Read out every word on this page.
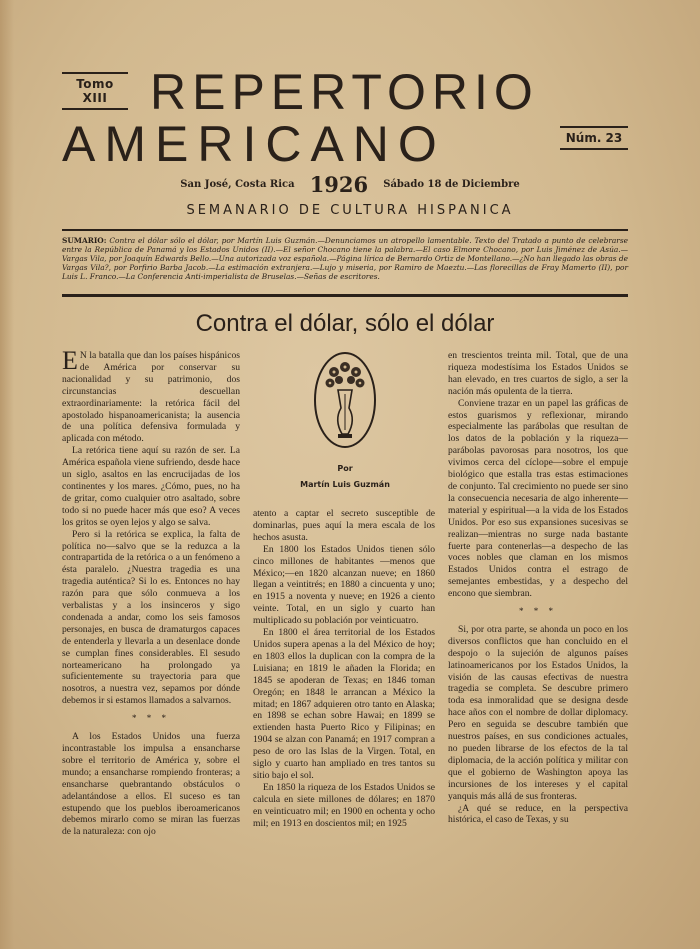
Tomo XIII REPERTORIO
AMERICANO	Núm. 23
San José, Costa Rica 1926 Sábado 18 de Diciembre
SEMANARIO DE CULTURA HISPANICA
SUMARIO: Contra el dólar sólo el dólar, por Martín Luis Guzmán.—Denunciamos un atropello lamentable. Texto del Tratado a punto de celebrarse entre la República de Panamá y los Estados Unidos (II).—El señor Chocano tiene la palabra.—El caso Elmore Chocano, por Luis Jiménez de Asúa.—Vargas Vila, por Joaquín Edwards Bello.—Una autorizada voz española.—Página lírica de Bernardo Ortiz de Montellano.—¿No han llegado las obras de Vargas Vila?, por Porfirio Barba Jacob.—La estimación extranjera.—Lujo y miseria, por Ramiro de Maeztu.—Las florecillas de Fray Mamerto (II), por Luis L. Franco.—La Conferencia Anti-imperialista de Bruselas.—Señas de escritores.
Contra el dólar, sólo el dólar

E N la batalla que dan los países hispánicos de América por conservar su nacionalidad y su patrimonio, dos circunstancias descuellan extraordinariamente: la retórica fácil del apostolado hispanoamericanista; la ausencia de una política defensiva formulada y aplicada con método.

La retórica tiene aquí su razón de ser. La América española viene sufriendo, desde hace un siglo, asaltos en las encrucijadas de los continentes y los mares. ¿Cómo, pues, no ha de gritar, como cualquier otro asaltado, sobre todo si no puede hacer más que eso? A veces los gritos se oyen lejos y algo se salva.

Pero si la retórica se explica, la falta de política no—salvo que se la reduzca a la contrapartida de la retórica o a un fenómeno a ésta paralelo. ¿Nuestra tragedia es una tragedia auténtica? Si lo es. Entonces no hay razón para que sólo conmueva a los verbalistas y a los insinceros y sigo condenada a andar, como los seis famosos personajes, en busca de dramaturgos capaces de entenderla y llevarla a un desenlace donde se cumplan fines considerables. El sesudo norteamericano ha prolongado ya suficientemente su trayectoria para que nosotros, a nuestra vez, sepamos por dónde debemos ir si estamos llamados a salvarnos.

* * *

A los Estados Unidos una fuerza incontrastable los impulsa a ensancharse sobre el territorio de América y, sobre el mundo; a ensancharse rompiendo fronteras; a ensancharse quebrantando obstáculos o adelantándose a ellos. El suceso es tan estupendo que los pueblos iberoamericanos debemos mirarlo como se miran las fuerzas de la naturaleza: con ojo

Por
Martín Luis Guzmán

atento a captar el secreto susceptible de dominarlas, pues aquí la mera escala de los hechos asusta.

En 1800 los Estados Unidos tienen sólo cinco millones de habitantes —menos que México;—en 1820 alcanzan nueve; en 1860 llegan a veintitrés; en 1880 a cincuenta y uno; en 1915 a noventa y nueve; en 1926 a ciento veinte. Total, en un siglo y cuarto han multiplicado su población por veinticuatro.

En 1800 el área territorial de los Estados Unidos supera apenas a la del México de hoy; en 1803 ellos la duplican con la compra de la Luisiana; en 1819 le añaden la Florida; en 1845 se apoderan de Texas; en 1846 toman Oregón; en 1848 le arrancan a México la mitad; en 1867 adquieren otro tanto en Alaska; en 1898 se echan sobre Hawai; en 1899 se extienden hasta Puerto Rico y Filipinas; en 1904 se alzan con Panamá; en 1917 compran a peso de oro las Islas de la Virgen. Total, en siglo y cuarto han ampliado en tres tantos su sitio bajo el sol.

En 1850 la riqueza de los Estados Unidos se calcula en siete millones de dólares; en 1870 en veinticuatro mil; en 1900 en ochenta y ocho mil; en 1913 en doscientos mil; en 1925

en trescientos treinta mil. Total, que de una riqueza modestísima los Estados Unidos se han elevado, en tres cuartos de siglo, a ser la nación más opulenta de la tierra.

Conviene trazar en un papel las gráficas de estos guarismos y reflexionar, mirando especialmente las parábolas que resultan de los datos de la población y la riqueza—parábolas pavorosas para nosotros, los que vivimos cerca del cíclope—sobre el empuje biológico que estalla tras estas estimaciones de conjunto. Tal crecimiento no puede ser sino la consecuencia necesaria de algo inherente—material y espiritual—a la vida de los Estados Unidos. Por eso sus expansiones sucesivas se realizan—mientras no surge nada bastante fuerte para contenerlas—a despecho de las voces nobles que claman en los mismos Estados Unidos contra el estrago de semejantes embestidas, y a despecho del encono que siembran.

* * *

Si, por otra parte, se ahonda un poco en los diversos conflictos que han concluido en el despojo o la sujeción de algunos países latinoamericanos por los Estados Unidos, la visión de las causas efectivas de nuestra tragedia se completa. Se descubre primero toda esa inmoralidad que se designa desde hace años con el nombre de dollar diplomacy. Pero en seguida se descubre también que nuestros países, en sus condiciones actuales, no pueden librarse de los efectos de la tal diplomacia, de la acción política y militar con que el gobierno de Washington apoya las incursiones de los intereses y el capital yanquis más allá de sus fronteras.

¿A qué se reduce, en la perspectiva histórica, el caso de Texas, y su
